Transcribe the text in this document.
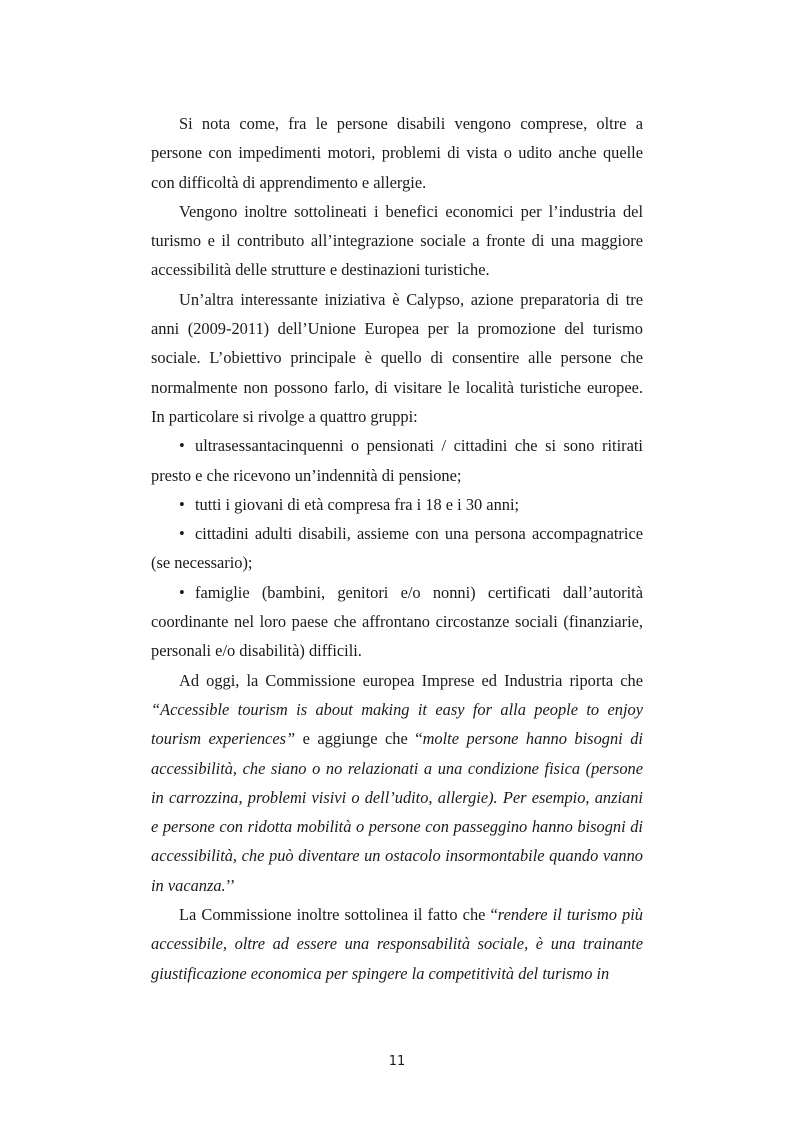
Si nota come, fra le persone disabili vengono comprese, oltre a persone con impedimenti motori, problemi di vista o udito anche quelle con difficoltà di apprendimento e allergie.

Vengono inoltre sottolineati i benefici economici per l’industria del turismo e il contributo all’integrazione sociale a fronte di una maggiore accessibilità delle strutture e destinazioni turistiche.

Un’altra interessante iniziativa è Calypso, azione preparatoria di tre anni (2009-2011) dell’Unione Europea per la promozione del turismo sociale. L’obiettivo principale è quello di consentire alle persone che normalmente non possono farlo, di visitare le località turistiche europee. In particolare si rivolge a quattro gruppi:

• ultrasessantacinquenni o pensionati / cittadini che si sono ritirati presto e che ricevono un’indennità di pensione;

• tutti i giovani di età compresa fra i 18 e i 30 anni;

• cittadini adulti disabili, assieme con una persona accompagnatrice (se necessario);

• famiglie (bambini, genitori e/o nonni) certificati dall’autorità coordinante nel loro paese che affrontano circostanze sociali (finanziarie, personali e/o disabilità) difficili.

Ad oggi, la Commissione europea Imprese ed Industria riporta che “Accessible tourism is about making it easy for alla people to enjoy tourism experiences” e aggiunge che “molte persone hanno bisogni di accessibilità, che siano o no relazionati a una condizione fisica (persone in carrozzina, problemi visivi o dell’udito, allergie). Per esempio, anziani e persone con ridotta mobilità o persone con passeggino hanno bisogni di accessibilità, che può diventare un ostacolo insormontabile quando vanno in vacanza.’’

La Commissione inoltre sottolinea il fatto che “rendere il turismo più accessibile, oltre ad essere una responsabilità sociale, è una trainante giustificazione economica per spingere la competitività del turismo in

11
